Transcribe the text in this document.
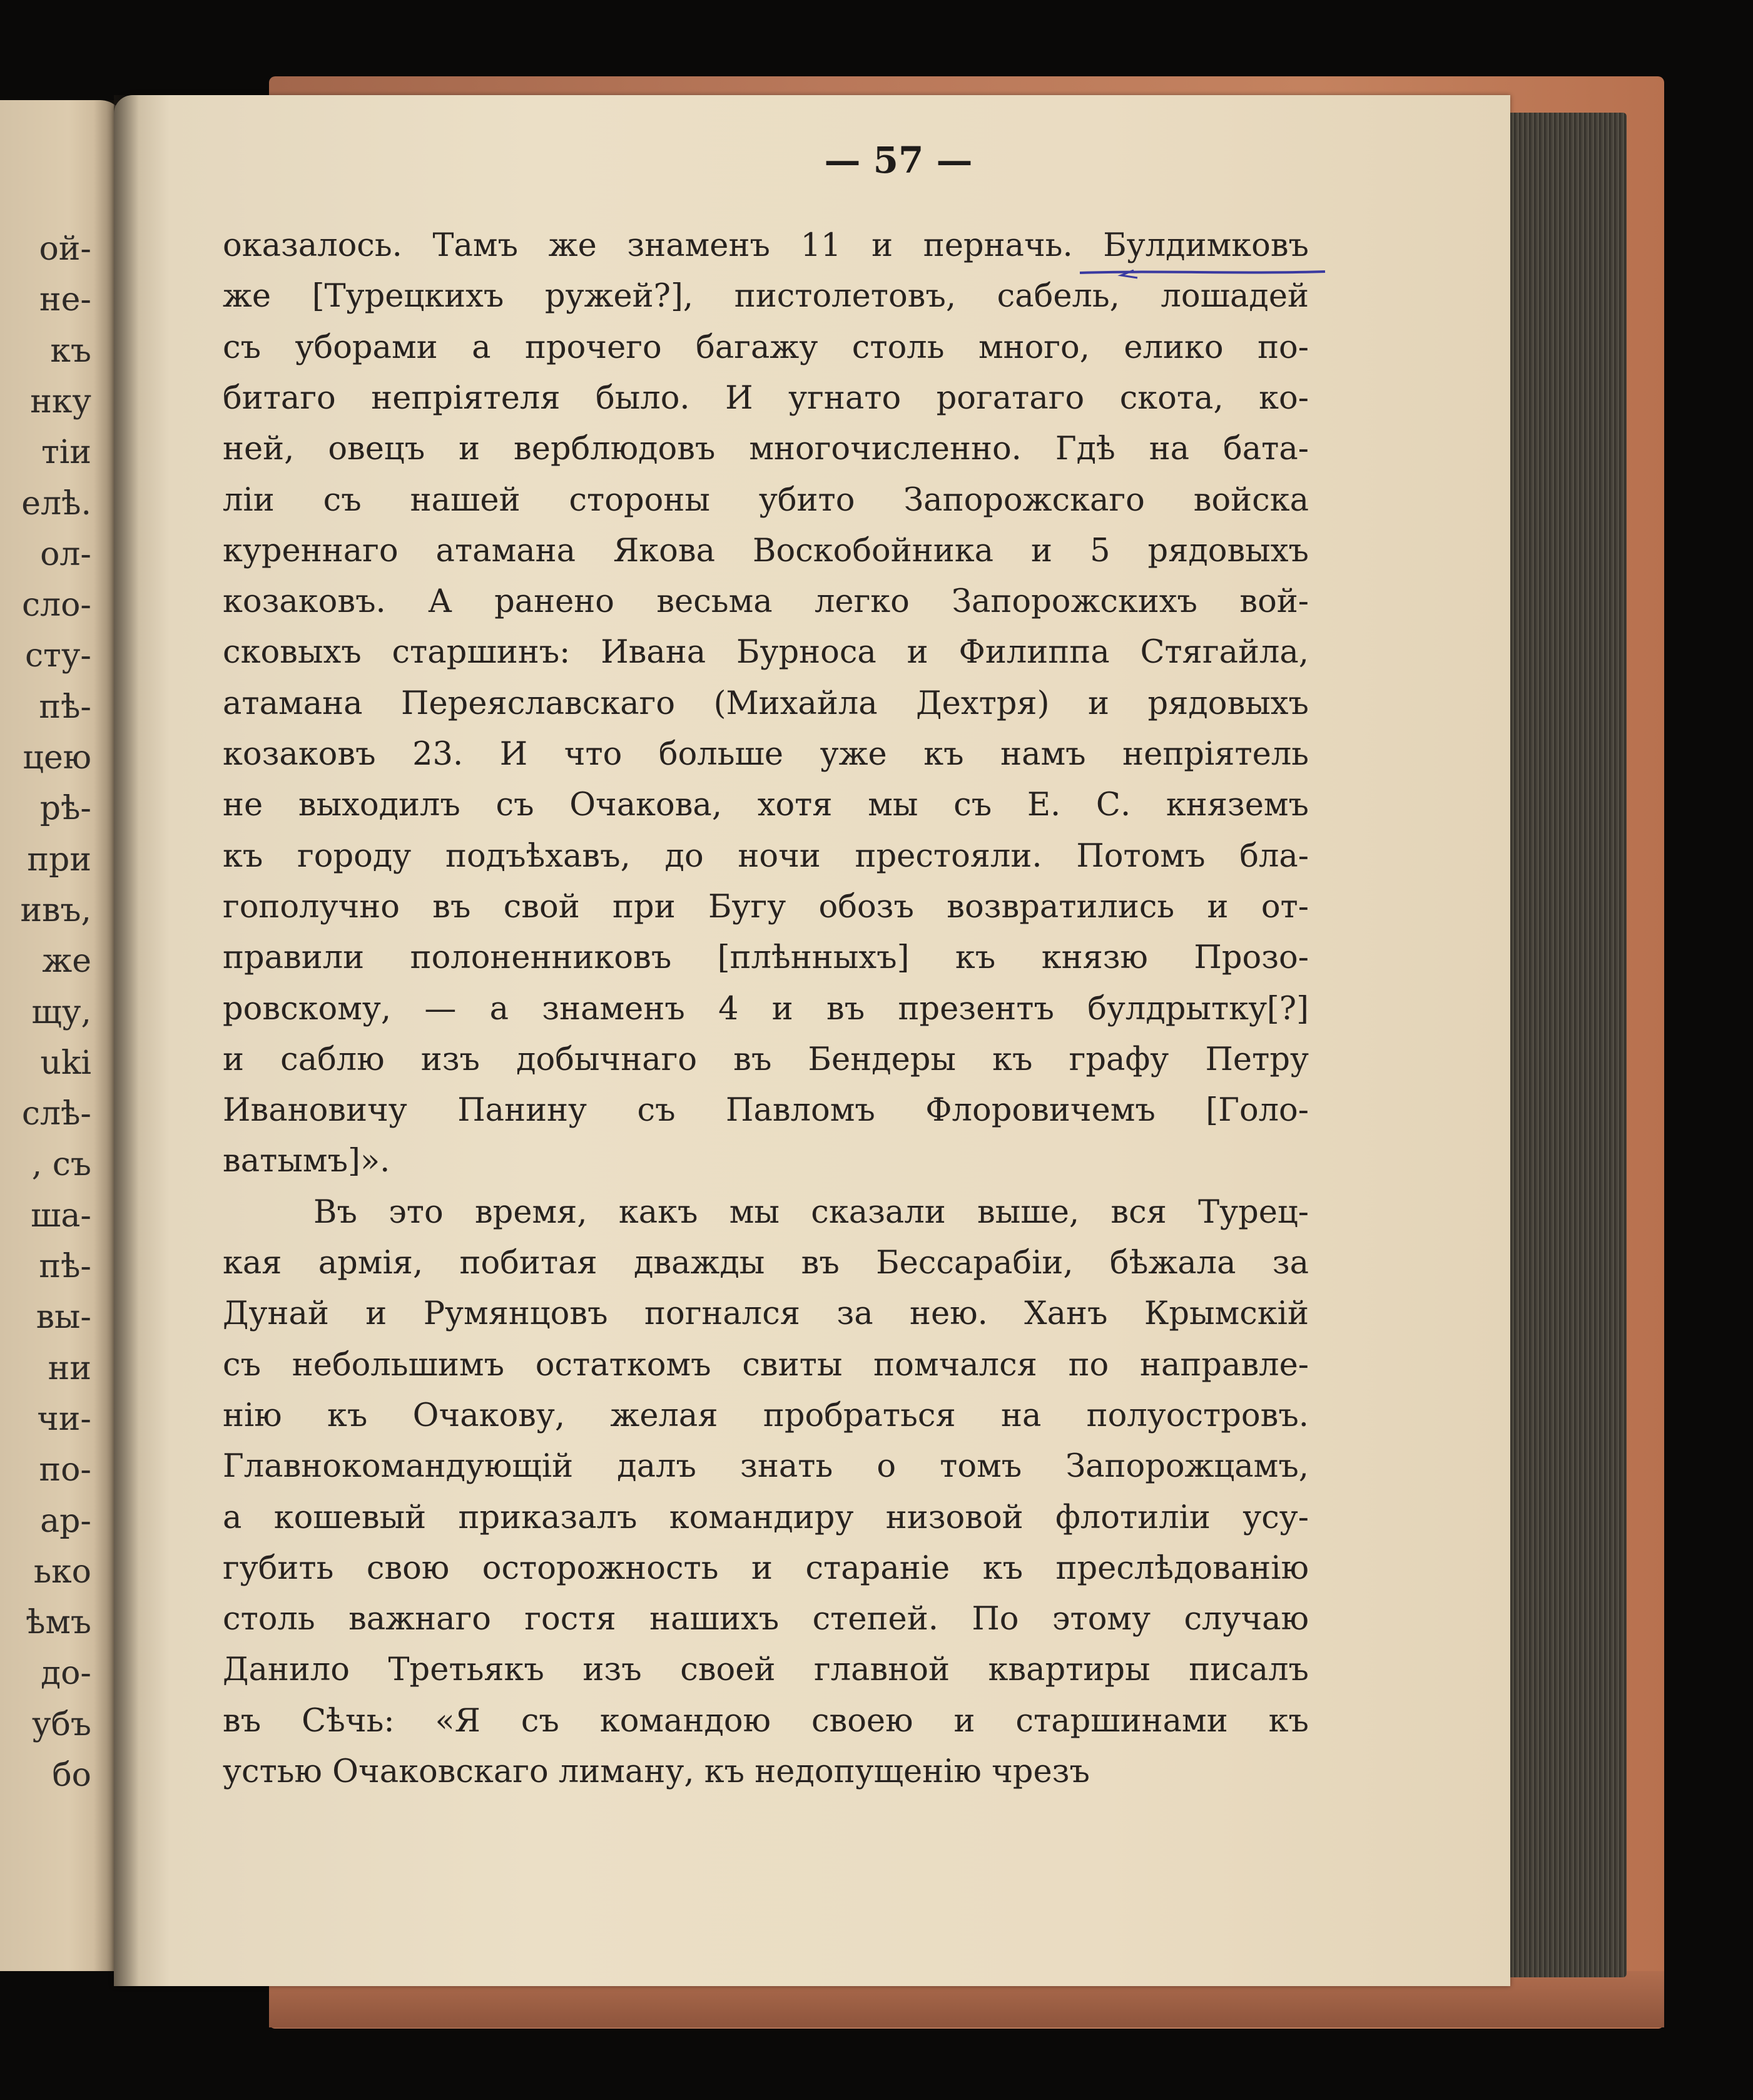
ой-

не-

къ

нку

тіи

елѣ.

ол-

сло-

сту-

пѣ-

цею

рѣ-

при

ивъ,

же

щу,

uki

слѣ-

, съ

ша-

пѣ-

вы-

ни

чи-

по-

ар-

ько

ѣмъ

до-

убъ

бо

— 57 —

оказалось. Тамъ же знаменъ 11 и перначь. Булдимковъ

же [Турецкихъ ружей?], пистолетовъ, сабель, лошадей

съ уборами а прочего багажу столь много, елико по-

битаго непріятеля было. И угнато рогатаго скота, ко-

ней, овецъ и верблюдовъ многочисленно. Гдѣ на бата-

ліи съ нашей стороны убито Запорожскаго войска

куреннаго атамана Якова Воскобойника и 5 рядовыхъ

козаковъ. А ранено весьма легко Запорожскихъ вой-

сковыхъ старшинъ: Ивана Бурноса и Филиппа Стягайла,

атамана Переяславскаго (Михайла Дехтря) и рядовыхъ

козаковъ 23. И что больше уже къ намъ непріятель

не выходилъ съ Очакова, хотя мы съ Е. С. княземъ

къ городу подъѣхавъ, до ночи престояли. Потомъ бла-

гополучно въ свой при Бугу обозъ возвратились и от-

правили полоненниковъ [плѣнныхъ] къ князю Прозо-

ровскому, — а знаменъ 4 и въ презентъ булдрыткy[?]

и саблю изъ добычнаго въ Бендеры къ графу Петру

Ивановичу Панину съ Павломъ Флоровичемъ [Голо-

ватымъ]».

Въ это время, какъ мы сказали выше, вся Турец-

кая армія, побитая дважды въ Бессарабіи, бѣжала за

Дунай и Румянцовъ погнался за нею. Ханъ Крымскій

съ небольшимъ остаткомъ свиты помчался по направле-

нію къ Очакову, желая пробраться на полуостровъ.

Главнокомандующій далъ знать о томъ Запорожцамъ,

а кошевый приказалъ командиру низовой флотиліи усу-

губить свою осторожность и стараніе къ преслѣдованію

столь важнаго гостя нашихъ степей. По этому случаю

Данило Третьякъ изъ своей главной квартиры писалъ

въ Сѣчь: «Я съ командою своею и старшинами къ

устью Очаковскаго лиману, къ недопущенію чрезъ
